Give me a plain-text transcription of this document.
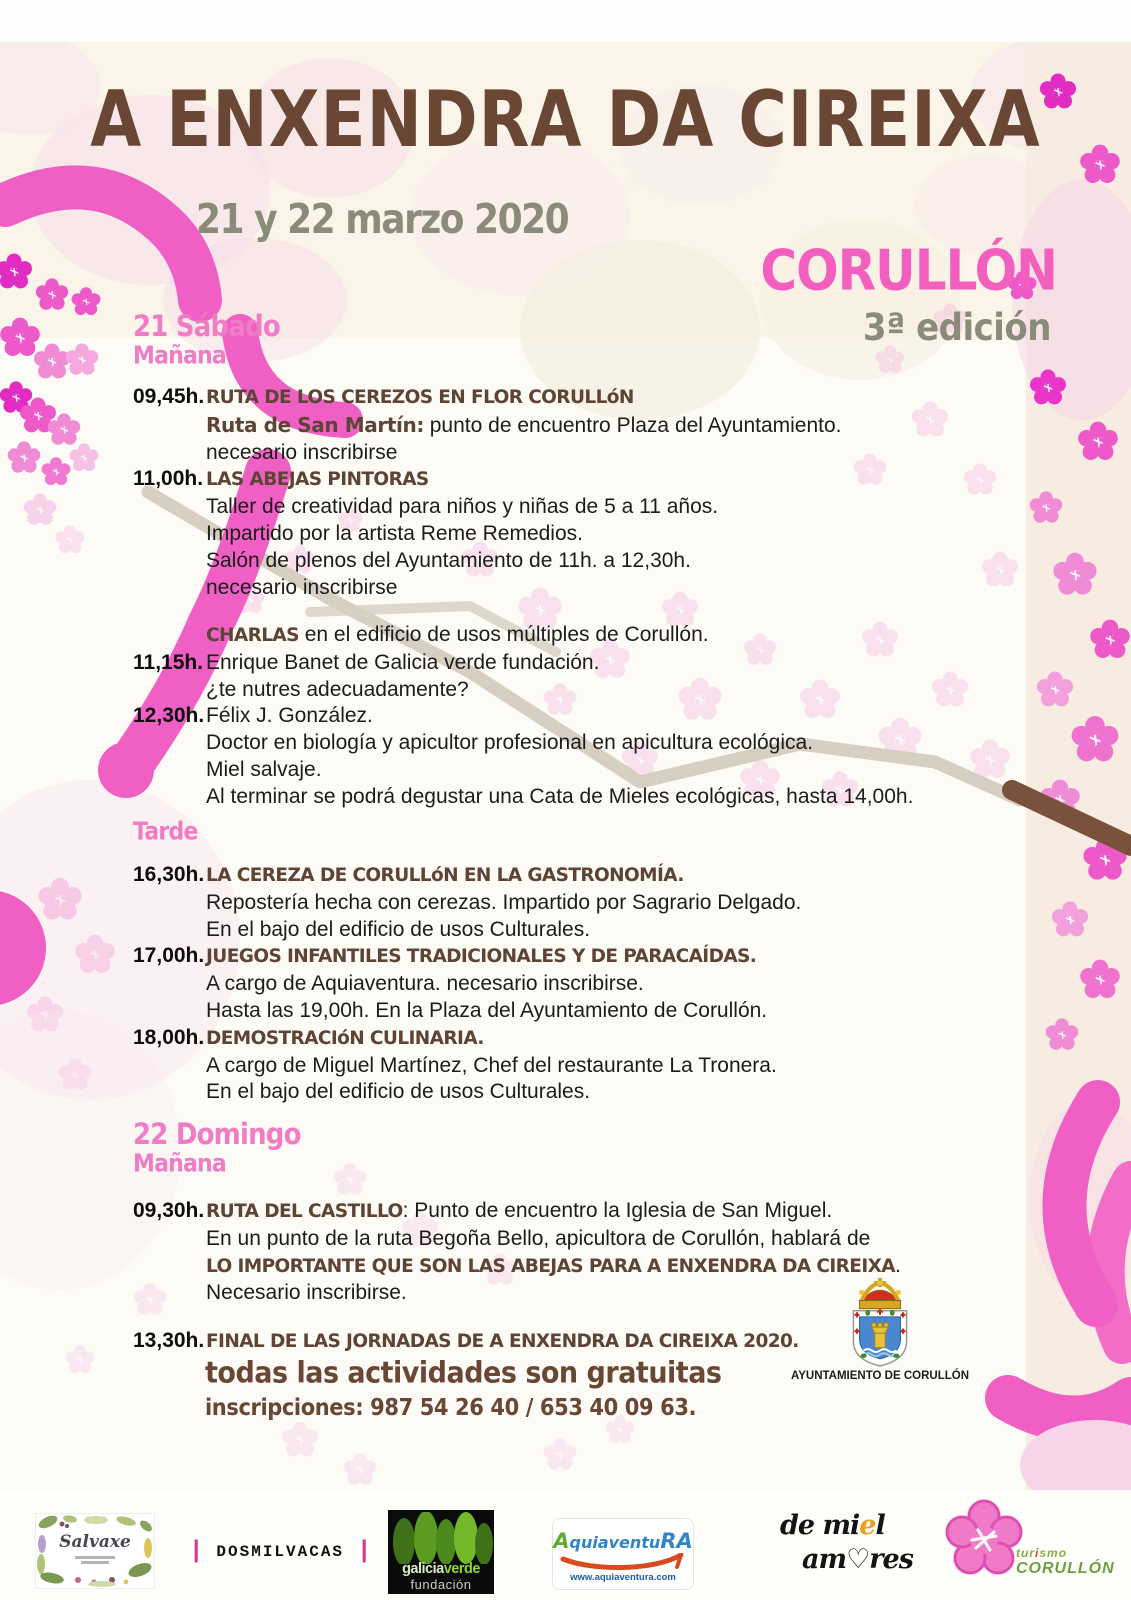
A ENXENDRA DA CIREIXA
21 y 22 marzo 2020
CORULLÓN
3ª edición
21 Sábado
Mañana
09,45h. RUTA DE LOS CEREZOS EN FLOR CORULLóN
Ruta de San Martín: punto de encuentro Plaza del Ayuntamiento.
necesario inscribirse
11,00h. LAS ABEJAS PINTORAS
Taller de creatividad para niños y niñas de 5 a 11 años.
Impartido por la artista Reme Remedios.
Salón de plenos del Ayuntamiento de 11h. a 12,30h.
necesario inscribirse
CHARLAS en el edificio de usos múltiples de Corullón.
11,15h. Enrique Banet de Galicia verde fundación.
¿te nutres adecuadamente?
12,30h. Félix J. González.
Doctor en biología y apicultor profesional en apicultura ecológica.
Miel salvaje.
Al terminar se podrá degustar una Cata de Mieles ecológicas, hasta 14,00h.
Tarde
16,30h. LA CEREZA DE CORULLóN EN LA GASTRONOMÍA.
Repostería hecha con cerezas. Impartido por Sagrario Delgado.
En el bajo del edificio de usos Culturales.
17,00h. JUEGOS INFANTILES TRADICIONALES Y DE PARACAÍDAS.
A cargo de Aquiaventura. necesario inscribirse.
Hasta las 19,00h. En la Plaza del Ayuntamiento de Corullón.
18,00h. DEMOSTRACIóN CULINARIA.
A cargo de Miguel Martínez, Chef del restaurante La Tronera.
En el bajo del edificio de usos Culturales.
22 Domingo
Mañana
09,30h. RUTA DEL CASTILLO: Punto de encuentro la Iglesia de San Miguel.
En un punto de la ruta Begoña Bello, apicultora de Corullón, hablará de
LO IMPORTANTE QUE SON LAS ABEJAS PARA A ENXENDRA DA CIREIXA.
Necesario inscribirse.
13,30h. FINAL DE LAS JORNADAS DE A ENXENDRA DA CIREIXA 2020.
todas las actividades son gratuitas
inscripciones: 987 54 26 40 / 653 40 09 63.
AYUNTAMIENTO DE CORULLÓN
Salvaxe	| DOSMILVACAS |
galiciaverde
fundación
AquiaventuRA
www.aquiaventura.com
de miel
am♡res	turismo
CORULLÓN
